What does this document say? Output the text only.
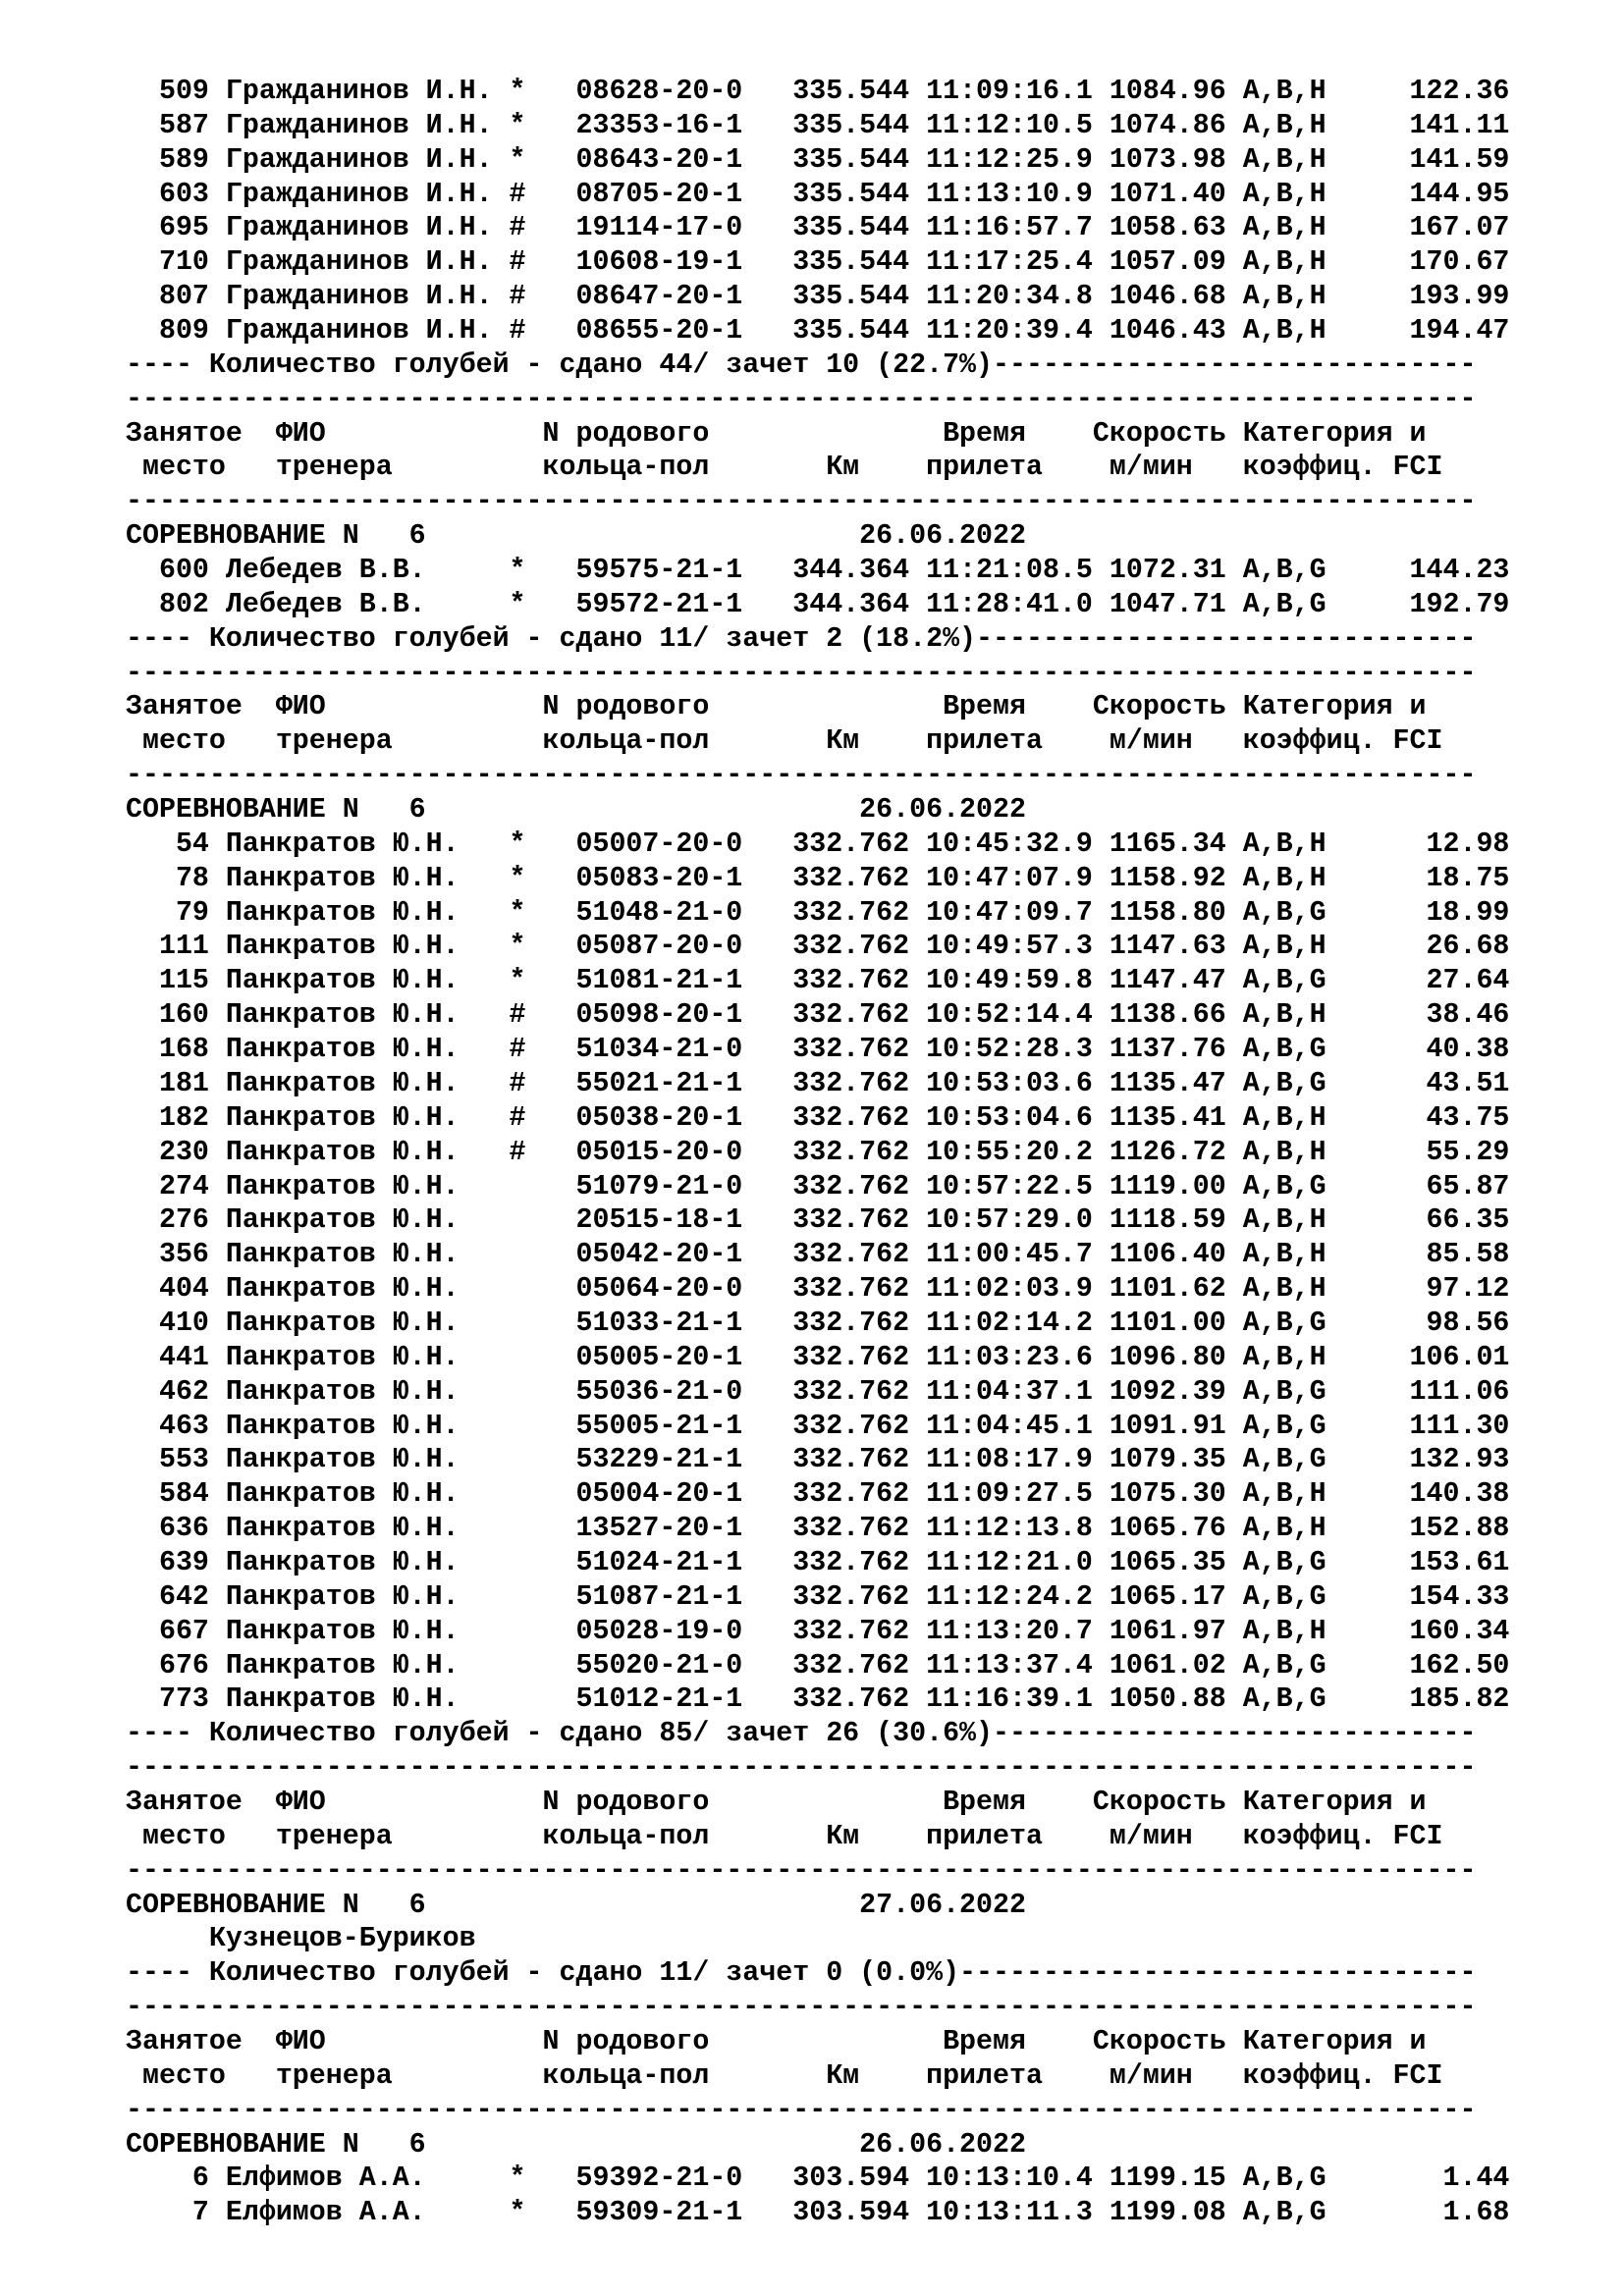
509 Гражданинов И.Н. *   08628-20-0   335.544 11:09:16.1 1084.96 A,B,H     122.36
587 Гражданинов И.Н. *   23353-16-1   335.544 11:12:10.5 1074.86 A,B,H     141.11
589 Гражданинов И.Н. *   08643-20-1   335.544 11:12:25.9 1073.98 A,B,H     141.59
603 Гражданинов И.Н. #   08705-20-1   335.544 11:13:10.9 1071.40 A,B,H     144.95
695 Гражданинов И.Н. #   19114-17-0   335.544 11:16:57.7 1058.63 A,B,H     167.07
710 Гражданинов И.Н. #   10608-19-1   335.544 11:17:25.4 1057.09 A,B,H     170.67
807 Гражданинов И.Н. #   08647-20-1   335.544 11:20:34.8 1046.68 A,B,H     193.99
809 Гражданинов И.Н. #   08655-20-1   335.544 11:20:39.4 1046.43 A,B,H     194.47
---- Количество голубей - сдано 44/ зачет 10 (22.7%)-----------------------------
---------------------------------------------------------------------------------
Занятое  ФИО             N родового              Время    Скорость Категория и
место   тренера         кольца-пол       Км    прилета    м/мин   коэффиц. FCI
---------------------------------------------------------------------------------
СОРЕВНОВАНИЕ N   6                          26.06.2022
600 Лебедев В.В.     *   59575-21-1   344.364 11:21:08.5 1072.31 A,B,G     144.23
802 Лебедев В.В.     *   59572-21-1   344.364 11:28:41.0 1047.71 A,B,G     192.79
---- Количество голубей - сдано 11/ зачет 2 (18.2%)------------------------------
---------------------------------------------------------------------------------
Занятое  ФИО             N родового              Время    Скорость Категория и
место   тренера         кольца-пол       Км    прилета    м/мин   коэффиц. FCI
---------------------------------------------------------------------------------
СОРЕВНОВАНИЕ N   6                          26.06.2022
54 Панкратов Ю.Н.   *   05007-20-0   332.762 10:45:32.9 1165.34 A,B,H      12.98
78 Панкратов Ю.Н.   *   05083-20-1   332.762 10:47:07.9 1158.92 A,B,H      18.75
79 Панкратов Ю.Н.   *   51048-21-0   332.762 10:47:09.7 1158.80 A,B,G      18.99
111 Панкратов Ю.Н.   *   05087-20-0   332.762 10:49:57.3 1147.63 A,B,H      26.68
115 Панкратов Ю.Н.   *   51081-21-1   332.762 10:49:59.8 1147.47 A,B,G      27.64
160 Панкратов Ю.Н.   #   05098-20-1   332.762 10:52:14.4 1138.66 A,B,H      38.46
168 Панкратов Ю.Н.   #   51034-21-0   332.762 10:52:28.3 1137.76 A,B,G      40.38
181 Панкратов Ю.Н.   #   55021-21-1   332.762 10:53:03.6 1135.47 A,B,G      43.51
182 Панкратов Ю.Н.   #   05038-20-1   332.762 10:53:04.6 1135.41 A,B,H      43.75
230 Панкратов Ю.Н.   #   05015-20-0   332.762 10:55:20.2 1126.72 A,B,H      55.29
274 Панкратов Ю.Н.       51079-21-0   332.762 10:57:22.5 1119.00 A,B,G      65.87
276 Панкратов Ю.Н.       20515-18-1   332.762 10:57:29.0 1118.59 A,B,H      66.35
356 Панкратов Ю.Н.       05042-20-1   332.762 11:00:45.7 1106.40 A,B,H      85.58
404 Панкратов Ю.Н.       05064-20-0   332.762 11:02:03.9 1101.62 A,B,H      97.12
410 Панкратов Ю.Н.       51033-21-1   332.762 11:02:14.2 1101.00 A,B,G      98.56
441 Панкратов Ю.Н.       05005-20-1   332.762 11:03:23.6 1096.80 A,B,H     106.01
462 Панкратов Ю.Н.       55036-21-0   332.762 11:04:37.1 1092.39 A,B,G     111.06
463 Панкратов Ю.Н.       55005-21-1   332.762 11:04:45.1 1091.91 A,B,G     111.30
553 Панкратов Ю.Н.       53229-21-1   332.762 11:08:17.9 1079.35 A,B,G     132.93
584 Панкратов Ю.Н.       05004-20-1   332.762 11:09:27.5 1075.30 A,B,H     140.38
636 Панкратов Ю.Н.       13527-20-1   332.762 11:12:13.8 1065.76 A,B,H     152.88
639 Панкратов Ю.Н.       51024-21-1   332.762 11:12:21.0 1065.35 A,B,G     153.61
642 Панкратов Ю.Н.       51087-21-1   332.762 11:12:24.2 1065.17 A,B,G     154.33
667 Панкратов Ю.Н.       05028-19-0   332.762 11:13:20.7 1061.97 A,B,H     160.34
676 Панкратов Ю.Н.       55020-21-0   332.762 11:13:37.4 1061.02 A,B,G     162.50
773 Панкратов Ю.Н.       51012-21-1   332.762 11:16:39.1 1050.88 A,B,G     185.82
---- Количество голубей - сдано 85/ зачет 26 (30.6%)-----------------------------
---------------------------------------------------------------------------------
Занятое  ФИО             N родового              Время    Скорость Категория и
место   тренера         кольца-пол       Км    прилета    м/мин   коэффиц. FCI
---------------------------------------------------------------------------------
СОРЕВНОВАНИЕ N   6                          27.06.2022
Кузнецов-Буриков
---- Количество голубей - сдано 11/ зачет 0 (0.0%)-------------------------------
---------------------------------------------------------------------------------
Занятое  ФИО             N родового              Время    Скорость Категория и
место   тренера         кольца-пол       Км    прилета    м/мин   коэффиц. FCI
---------------------------------------------------------------------------------
СОРЕВНОВАНИЕ N   6                          26.06.2022
6 Елфимов А.А.     *   59392-21-0   303.594 10:13:10.4 1199.15 A,B,G       1.44
7 Елфимов А.А.     *   59309-21-1   303.594 10:13:11.3 1199.08 A,B,G       1.68
